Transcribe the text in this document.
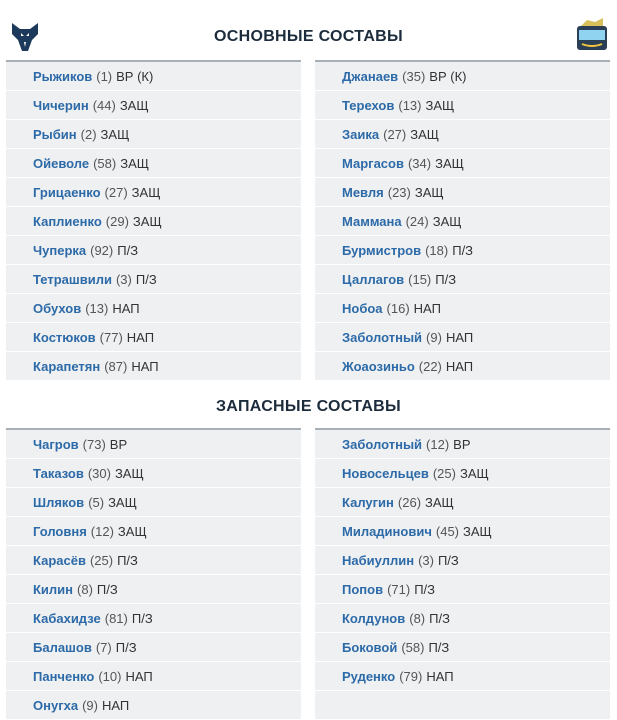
ОСНОВНЫЕ СОСТАВЫ
Рыжиков (1) ВР (К)
Чичерин (44) ЗАЩ
Рыбин (2) ЗАЩ
Ойеволе (58) ЗАЩ
Грицаенко (27) ЗАЩ
Каплиенко (29) ЗАЩ
Чуперка (92) П/З
Тетрашвили (3) П/З
Обухов (13) НАП
Костюков (77) НАП
Карапетян (87) НАП
Джанаев (35) ВР (К)
Терехов (13) ЗАЩ
Заика (27) ЗАЩ
Маргасов (34) ЗАЩ
Мевля (23) ЗАЩ
Маммана (24) ЗАЩ
Бурмистров (18) П/З
Цаллагов (15) П/З
Нобоа (16) НАП
Заболотный (9) НАП
Жоаозиньо (22) НАП
ЗАПАСНЫЕ СОСТАВЫ
Чагров (73) ВР
Таказов (30) ЗАЩ
Шляков (5) ЗАЩ
Головня (12) ЗАЩ
Карасёв (25) П/З
Килин (8) П/З
Кабахидзе (81) П/З
Балашов (7) П/З
Панченко (10) НАП
Онугха (9) НАП
Заболотный (12) ВР
Новосельцев (25) ЗАЩ
Калугин (26) ЗАЩ
Миладинович (45) ЗАЩ
Набиуллин (3) П/З
Попов (71) П/З
Колдунов (8) П/З
Боковой (58) П/З
Руденко (79) НАП
